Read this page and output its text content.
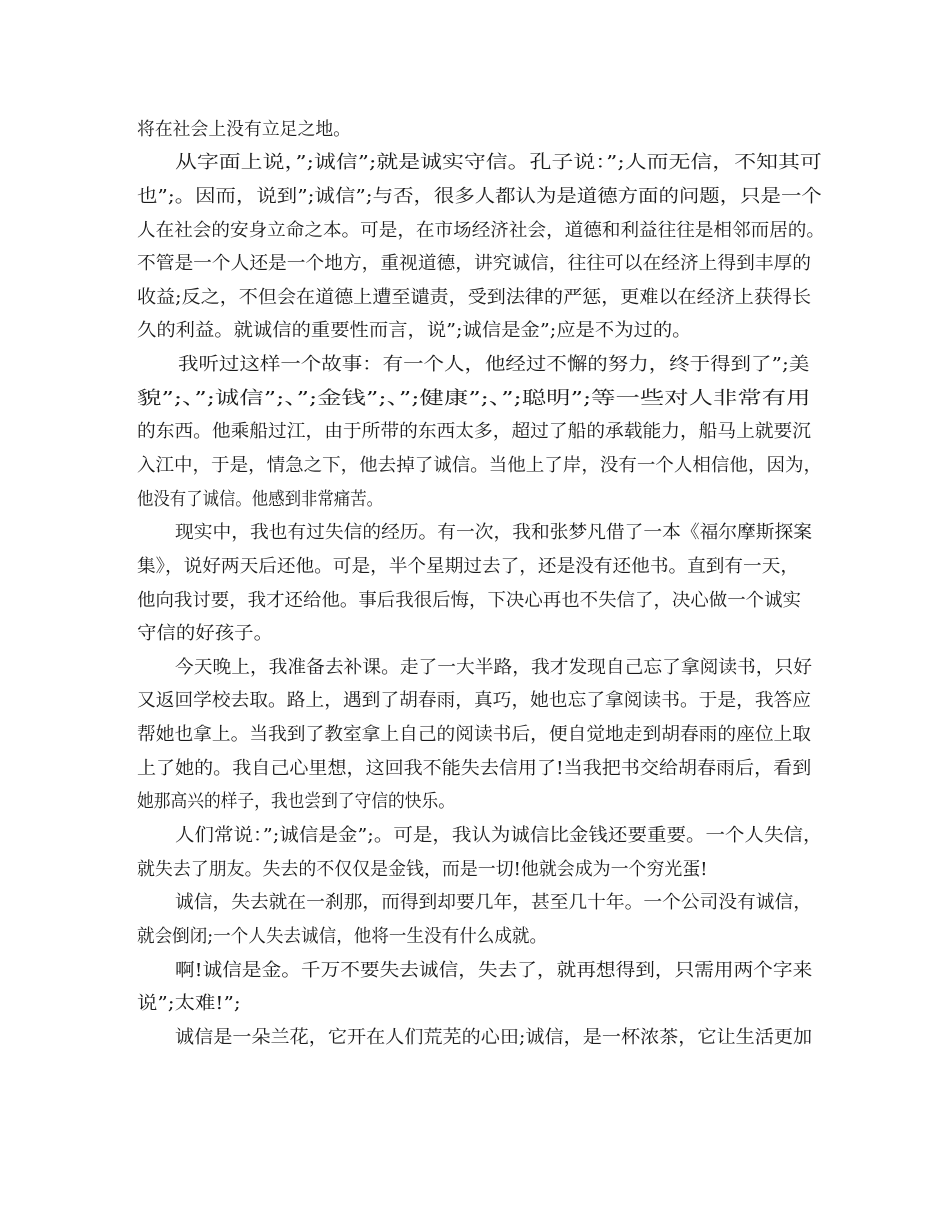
将在社会上没有立足之地。
从字面上说，”;诚信”;就是诚实守信。孔子说：”;人而无信，不知其可
也”;。因而，说到”;诚信”;与否，很多人都认为是道德方面的问题，只是一个
人在社会的安身立命之本。可是，在市场经济社会，道德和利益往往是相邻而居的。
不管是一个人还是一个地方，重视道德，讲究诚信，往往可以在经济上得到丰厚的
收益;反之，不但会在道德上遭至谴责，受到法律的严惩，更难以在经济上获得长
久的利益。就诚信的重要性而言，说”;诚信是金”;应是不为过的。
我听过这样一个故事：有一个人，他经过不懈的努力，终于得到了”;美
貌”;、”;诚信”;、”;金钱”;、”;健康”;、”;聪明”;等一些对人非常有用
的东西。他乘船过江，由于所带的东西太多，超过了船的承载能力，船马上就要沉
入江中，于是，情急之下，他去掉了诚信。当他上了岸，没有一个人相信他，因为，
他没有了诚信。他感到非常痛苦。
现实中，我也有过失信的经历。有一次，我和张梦凡借了一本《福尔摩斯探案
集》，说好两天后还他。可是，半个星期过去了，还是没有还他书。直到有一天，
他向我讨要，我才还给他。事后我很后悔，下决心再也不失信了，决心做一个诚实
守信的好孩子。
今天晚上，我准备去补课。走了一大半路，我才发现自己忘了拿阅读书，只好
又返回学校去取。路上，遇到了胡春雨，真巧，她也忘了拿阅读书。于是，我答应
帮她也拿上。当我到了教室拿上自己的阅读书后，便自觉地走到胡春雨的座位上取
上了她的。我自己心里想，这回我不能失去信用了!当我把书交给胡春雨后，看到
她那高兴的样子，我也尝到了守信的快乐。
人们常说：”;诚信是金”;。可是，我认为诚信比金钱还要重要。一个人失信，
就失去了朋友。失去的不仅仅是金钱，而是一切!他就会成为一个穷光蛋!
诚信，失去就在一刹那，而得到却要几年，甚至几十年。一个公司没有诚信，
就会倒闭;一个人失去诚信，他将一生没有什么成就。
啊!诚信是金。千万不要失去诚信，失去了，就再想得到，只需用两个字来
说”;太难!”;
诚信是一朵兰花，它开在人们荒芜的心田;诚信，是一杯浓茶，它让生活更加
